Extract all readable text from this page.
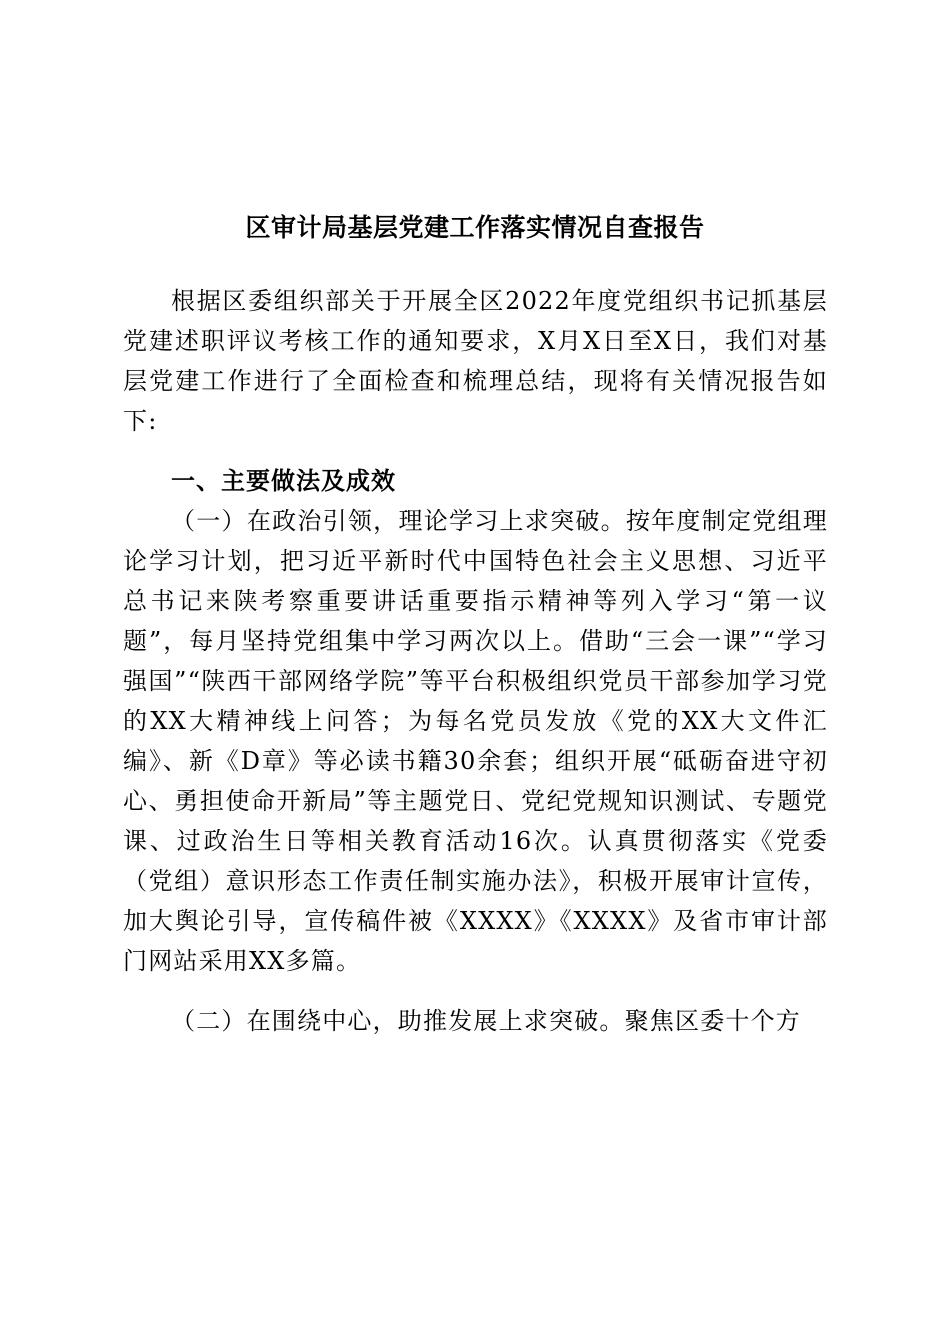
区审计局基层党建工作落实情况自查报告

根据区委组织部关于开展全区2022年度党组织书记抓基层党建述职评议考核工作的通知要求，X月X日至X日，我们对基层党建工作进行了全面检查和梳理总结，现将有关情况报告如下:

一、主要做法及成效

（一）在政治引领，理论学习上求突破。按年度制定党组理论学习计划，把习近平新时代中国特色社会主义思想、习近平总书记来陕考察重要讲话重要指示精神等列入学习“第一议题”，每月坚持党组集中学习两次以上。借助“三会一课”“学习强国”“陕西干部网络学院”等平台积极组织党员干部参加学习党的XX大精神线上问答；为每名党员发放《党的XX大文件汇编》、新《D章》等必读书籍30余套；组织开展“砥砺奋进守初心、勇担使命开新局”等主题党日、党纪党规知识测试、专题党课、过政治生日等相关教育活动16次。认真贯彻落实《党委（党组）意识形态工作责任制实施办法》，积极开展审计宣传，加大舆论引导，宣传稿件被《XXXX》《XXXX》及省市审计部门网站采用XX多篇。

（二）在围绕中心，助推发展上求突破。聚焦区委十个方
